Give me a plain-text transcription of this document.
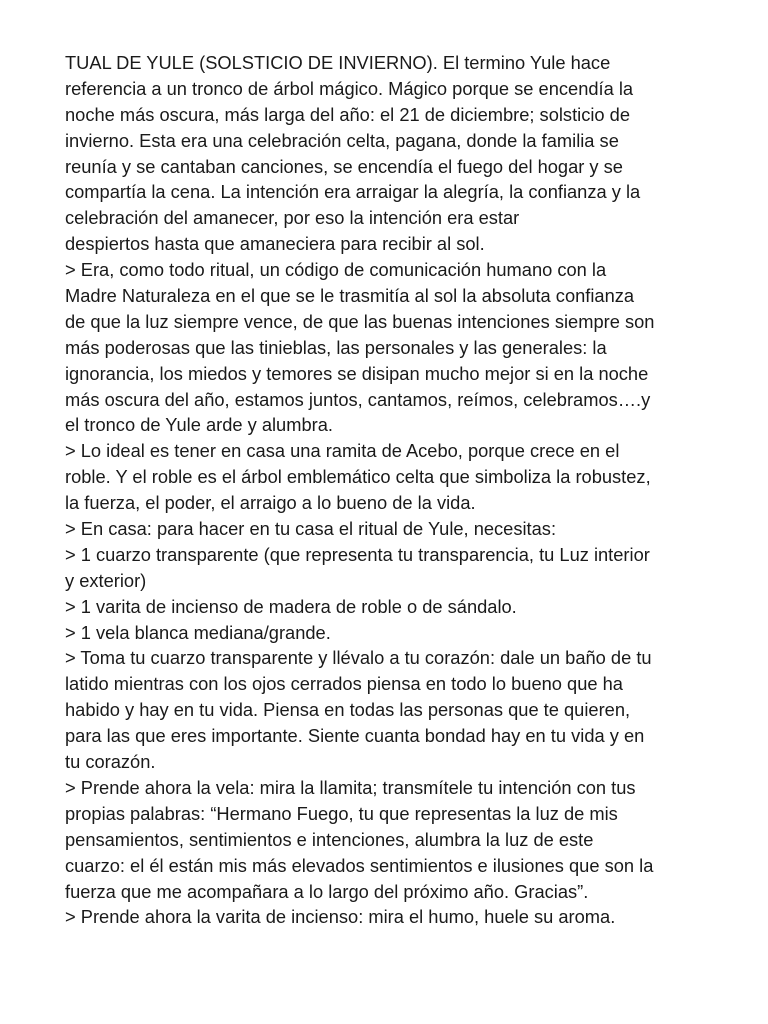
TUAL DE YULE (SOLSTICIO DE INVIERNO). El termino Yule hace
referencia a un tronco de árbol mágico. Mágico porque se encendía la
noche más oscura, más larga del año: el 21 de diciembre; solsticio de
invierno. Esta era una celebración celta, pagana, donde la familia se
reunía y se cantaban canciones, se encendía el fuego del hogar y se
compartía la cena. La intención era arraigar la alegría, la confianza y la
celebración del amanecer, por eso la intención era estar
despiertos hasta que amaneciera para recibir al sol.
> Era, como todo ritual, un código de comunicación humano con la
Madre Naturaleza en el que se le trasmitía al sol la absoluta confianza
de que la luz siempre vence, de que las buenas intenciones siempre son
más poderosas que las tinieblas, las personales y las generales: la
ignorancia, los miedos y temores se disipan mucho mejor si en la noche
más oscura del año, estamos juntos, cantamos, reímos, celebramos….y
el tronco de Yule arde y alumbra.
> Lo ideal es tener en casa una ramita de Acebo, porque crece en el
roble. Y el roble es el árbol emblemático celta que simboliza la robustez,
la fuerza, el poder, el arraigo a lo bueno de la vida.
> En casa: para hacer en tu casa el ritual de Yule, necesitas:
> 1 cuarzo transparente (que representa tu transparencia, tu Luz interior
y exterior)
> 1 varita de incienso de madera de roble o de sándalo.
> 1 vela blanca mediana/grande.
> Toma tu cuarzo transparente y llévalo a tu corazón: dale un baño de tu
latido mientras con los ojos cerrados piensa en todo lo bueno que ha
habido y hay en tu vida. Piensa en todas las personas que te quieren,
para las que eres importante. Siente cuanta bondad hay en tu vida y en
tu corazón.
> Prende ahora la vela: mira la llamita; transmítele tu intención con tus
propias palabras: “Hermano Fuego, tu que representas la luz de mis
pensamientos, sentimientos e intenciones, alumbra la luz de este
cuarzo: el él están mis más elevados sentimientos e ilusiones que son la
fuerza que me acompañara a lo largo del próximo año. Gracias”.
> Prende ahora la varita de incienso: mira el humo, huele su aroma.
